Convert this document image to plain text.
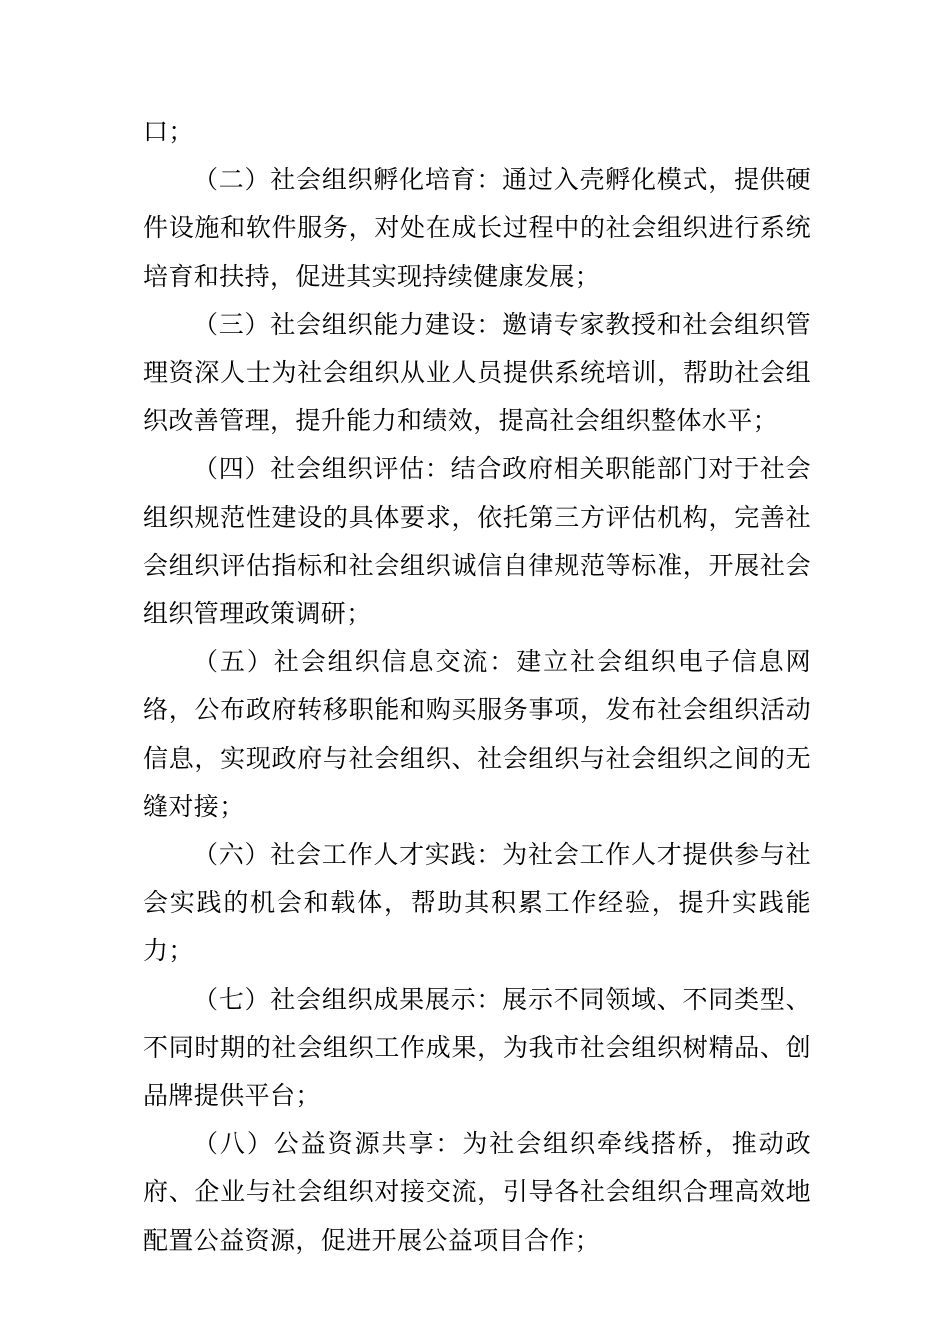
口；

（二）社会组织孵化培育：通过入壳孵化模式，提供硬件设施和软件服务，对处在成长过程中的社会组织进行系统培育和扶持，促进其实现持续健康发展；

（三）社会组织能力建设：邀请专家教授和社会组织管理资深人士为社会组织从业人员提供系统培训，帮助社会组织改善管理，提升能力和绩效，提高社会组织整体水平；

（四）社会组织评估：结合政府相关职能部门对于社会组织规范性建设的具体要求，依托第三方评估机构，完善社会组织评估指标和社会组织诚信自律规范等标准，开展社会组织管理政策调研；

（五）社会组织信息交流：建立社会组织电子信息网络，公布政府转移职能和购买服务事项，发布社会组织活动信息，实现政府与社会组织、社会组织与社会组织之间的无缝对接；

（六）社会工作人才实践：为社会工作人才提供参与社会实践的机会和载体，帮助其积累工作经验，提升实践能力；

（七）社会组织成果展示：展示不同领域、不同类型、不同时期的社会组织工作成果，为我市社会组织树精品、创品牌提供平台；

（八）公益资源共享：为社会组织牵线搭桥，推动政府、企业与社会组织对接交流，引导各社会组织合理高效地配置公益资源，促进开展公益项目合作；
